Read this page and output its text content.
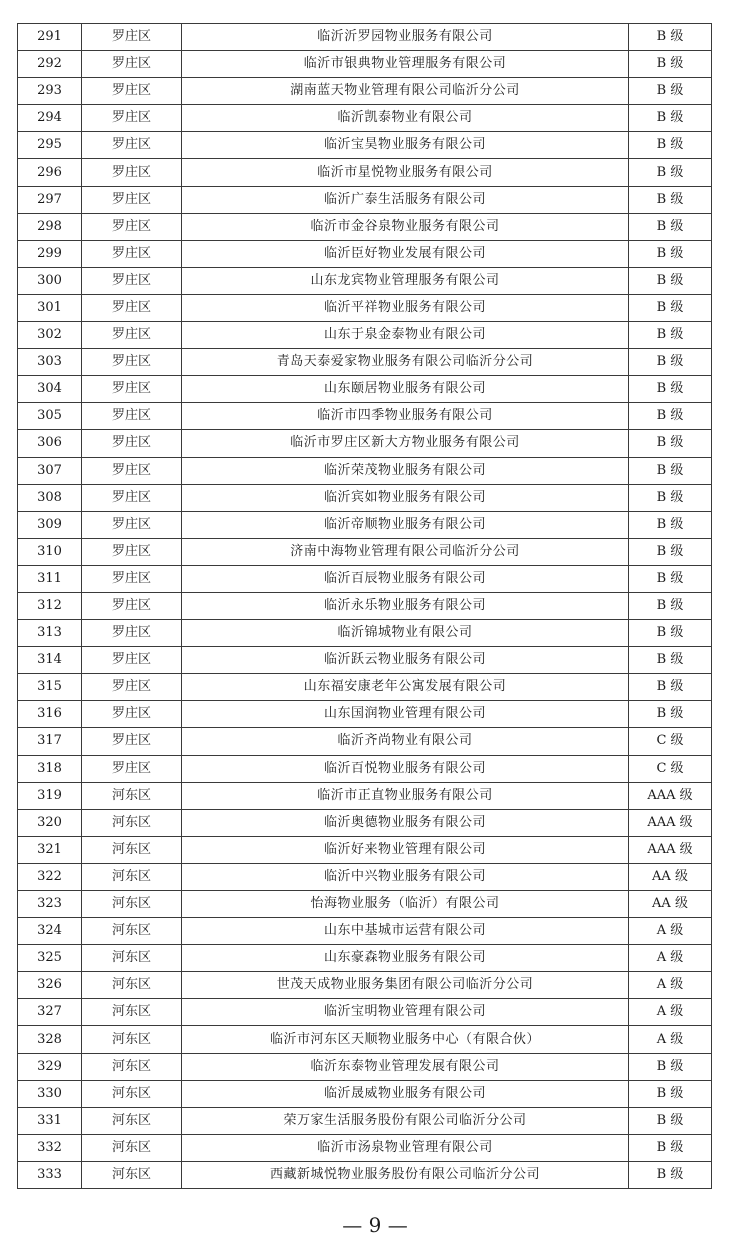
291	罗庄区	临沂沂罗园物业服务有限公司	B 级
292	罗庄区	临沂市银典物业管理服务有限公司	B 级
293	罗庄区	湖南蓝天物业管理有限公司临沂分公司	B 级
294	罗庄区	临沂凯泰物业有限公司	B 级
295	罗庄区	临沂宝昊物业服务有限公司	B 级
296	罗庄区	临沂市星悦物业服务有限公司	B 级
297	罗庄区	临沂广泰生活服务有限公司	B 级
298	罗庄区	临沂市金谷泉物业服务有限公司	B 级
299	罗庄区	临沂臣好物业发展有限公司	B 级
300	罗庄区	山东龙宾物业管理服务有限公司	B 级
301	罗庄区	临沂平祥物业服务有限公司	B 级
302	罗庄区	山东于泉金泰物业有限公司	B 级
303	罗庄区	青岛天泰爱家物业服务有限公司临沂分公司	B 级
304	罗庄区	山东颐居物业服务有限公司	B 级
305	罗庄区	临沂市四季物业服务有限公司	B 级
306	罗庄区	临沂市罗庄区新大方物业服务有限公司	B 级
307	罗庄区	临沂荣茂物业服务有限公司	B 级
308	罗庄区	临沂宾如物业服务有限公司	B 级
309	罗庄区	临沂帝顺物业服务有限公司	B 级
310	罗庄区	济南中海物业管理有限公司临沂分公司	B 级
311	罗庄区	临沂百辰物业服务有限公司	B 级
312	罗庄区	临沂永乐物业服务有限公司	B 级
313	罗庄区	临沂锦城物业有限公司	B 级
314	罗庄区	临沂跃云物业服务有限公司	B 级
315	罗庄区	山东福安康老年公寓发展有限公司	B 级
316	罗庄区	山东国润物业管理有限公司	B 级
317	罗庄区	临沂齐尚物业有限公司	C 级
318	罗庄区	临沂百悦物业服务有限公司	C 级
319	河东区	临沂市正直物业服务有限公司	AAA 级
320	河东区	临沂奥德物业服务有限公司	AAA 级
321	河东区	临沂好来物业管理有限公司	AAA 级
322	河东区	临沂中兴物业服务有限公司	AA 级
323	河东区	怡海物业服务（临沂）有限公司	AA 级
324	河东区	山东中基城市运营有限公司	A 级
325	河东区	山东豪森物业服务有限公司	A 级
326	河东区	世茂天成物业服务集团有限公司临沂分公司	A 级
327	河东区	临沂宝明物业管理有限公司	A 级
328	河东区	临沂市河东区天顺物业服务中心（有限合伙）	A 级
329	河东区	临沂东泰物业管理发展有限公司	B 级
330	河东区	临沂晟威物业服务有限公司	B 级
331	河东区	荣万家生活服务股份有限公司临沂分公司	B 级
332	河东区	临沂市汤泉物业管理有限公司	B 级
333	河东区	西藏新城悦物业服务股份有限公司临沂分公司	B 级
— 9 —
